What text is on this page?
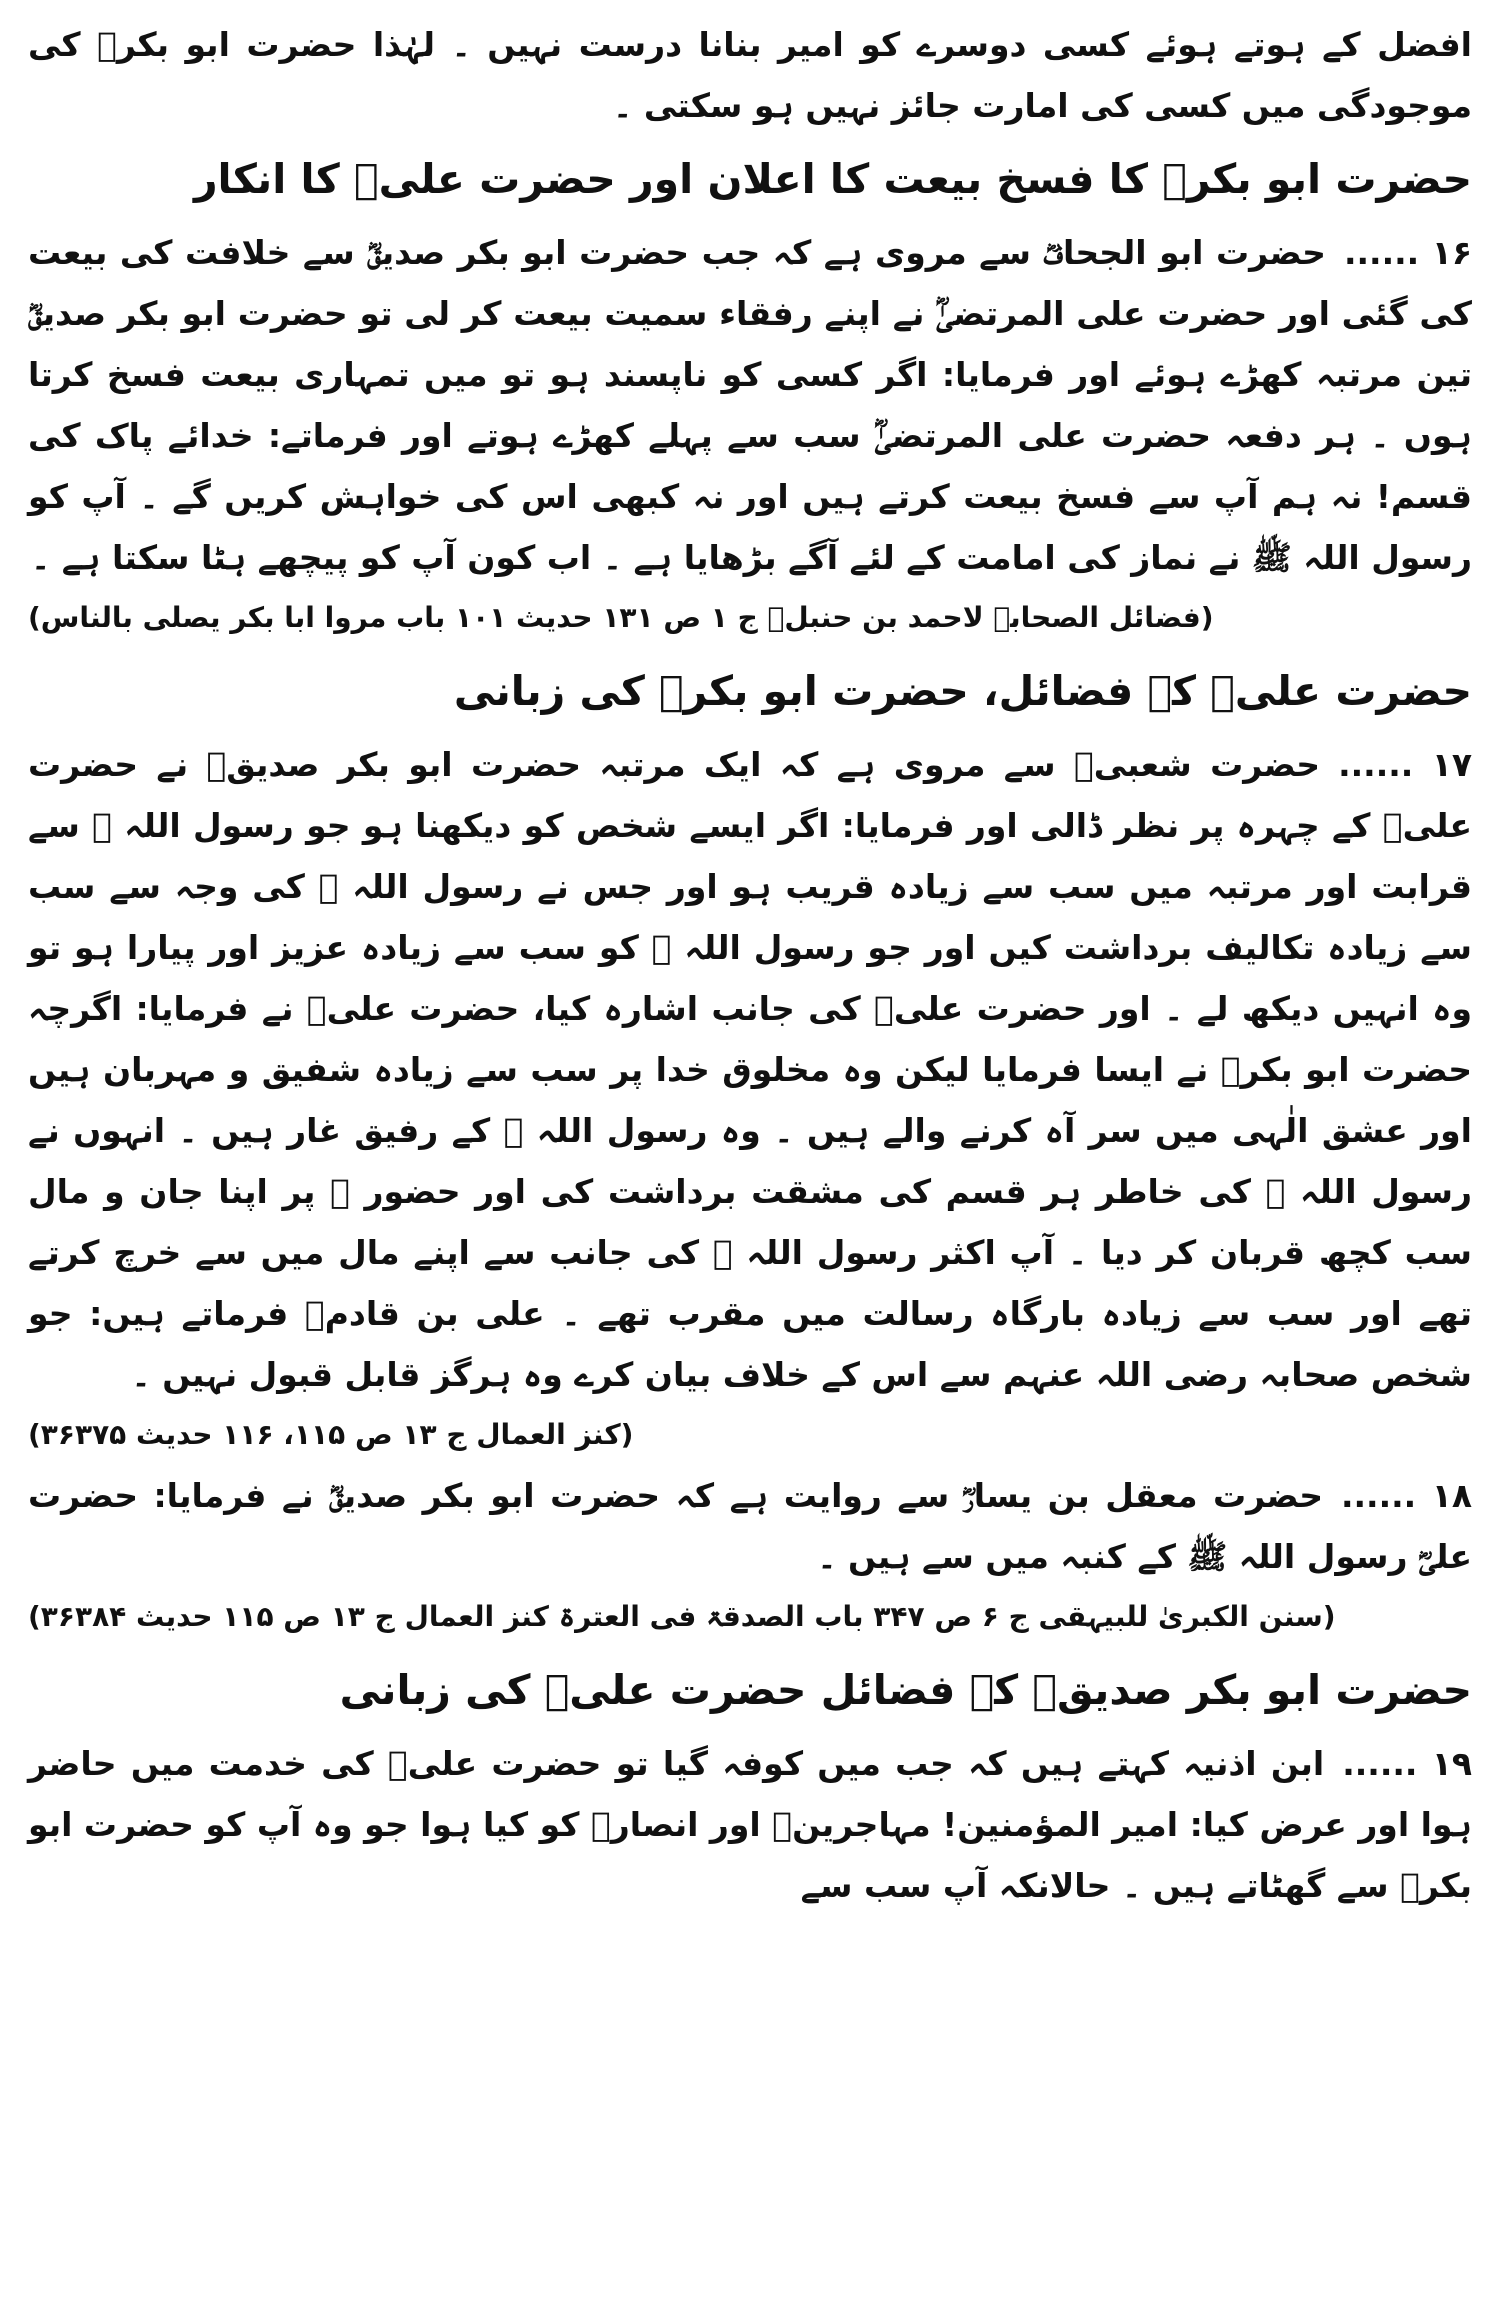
افضل کے ہوتے ہوئے کسی دوسرے کو امیر بنانا درست نہیں ۔ لہٰذا حضرت ابو بکرؓ کی موجودگی میں کسی کی امارت جائز نہیں ہو سکتی ۔

حضرت ابو بکرؓ کا فسخ بیعت کا اعلان اور حضرت علیؓ کا انکار

۱۶ ......حضرت ابو الجحافؓ سے مروی ہے کہ جب حضرت ابو بکر صدیقؓ سے خلافت کی بیعت کی گئی اور حضرت علی المرتضیٰؓ نے اپنے رفقاء سمیت بیعت کر لی تو حضرت ابو بکر صدیقؓ تین مرتبہ کھڑے ہوئے اور فرمایا: اگر کسی کو ناپسند ہو تو میں تمہاری بیعت فسخ کرتا ہوں ۔ ہر دفعہ حضرت علی المرتضیٰؓ سب سے پہلے کھڑے ہوتے اور فرماتے: خدائے پاک کی قسم! نہ ہم آپ سے فسخ بیعت کرتے ہیں اور نہ کبھی اس کی خواہش کریں گے ۔ آپ کو رسول اللہ ﷺ نے نماز کی امامت کے لئے آگے بڑھایا ہے ۔ اب کون آپ کو پیچھے ہٹا سکتا ہے ۔

(فضائل الصحابہ لاحمد بن حنبلؒ ج ۱ ص ۱۳۱ حدیث ۱۰۱ باب مروا ابا بکر یصلی بالناس)

حضرت علیؓ کے فضائل، حضرت ابو بکرؓ کی زبانی

۱۷ ......حضرت شعبیؓ سے مروی ہے کہ ایک مرتبہ حضرت ابو بکر صدیقؓ نے حضرت علیؓ کے چہرہ پر نظر ڈالی اور فرمایا: اگر ایسے شخص کو دیکھنا ہو جو رسول اللہ ﷺ سے قرابت اور مرتبہ میں سب سے زیادہ قریب ہو اور جس نے رسول اللہ ﷺ کی وجہ سے سب سے زیادہ تکالیف برداشت کیں اور جو رسول اللہ ﷺ کو سب سے زیادہ عزیز اور پیارا ہو تو وہ انہیں دیکھ لے ۔ اور حضرت علیؓ کی جانب اشارہ کیا، حضرت علیؓ نے فرمایا: اگرچہ حضرت ابو بکرؓ نے ایسا فرمایا لیکن وہ مخلوق خدا پر سب سے زیادہ شفیق و مہربان ہیں اور عشق الٰہی میں سر آہ کرنے والے ہیں ۔ وہ رسول اللہ ﷺ کے رفیق غار ہیں ۔ انہوں نے رسول اللہ ﷺ کی خاطر ہر قسم کی مشقت برداشت کی اور حضور ﷺ پر اپنا جان و مال سب کچھ قربان کر دیا ۔ آپ اکثر رسول اللہ ﷺ کی جانب سے اپنے مال میں سے خرچ کرتے تھے اور سب سے زیادہ بارگاہ رسالت میں مقرب تھے ۔ علی بن قادمؒ فرماتے ہیں: جو شخص صحابہ رضی اللہ عنہم سے اس کے خلاف بیان کرے وہ ہرگز قابل قبول نہیں ۔

(کنز العمال ج ۱۳ ص ۱۱۵، ۱۱۶ حدیث ۳۶۳۷۵)

۱۸ ......حضرت معقل بن یسارؓ سے روایت ہے کہ حضرت ابو بکر صدیقؓ نے فرمایا: حضرت علیؓ رسول اللہ ﷺ کے کنبہ میں سے ہیں ۔

(سنن الکبریٰ للبیہقی ج ۶ ص ۳۴۷ باب الصدقۃ فی العترۃ کنز العمال ج ۱۳ ص ۱۱۵ حدیث ۳۶۳۸۴)

حضرت ابو بکر صدیقؓ کے فضائل حضرت علیؓ کی زبانی

۱۹ ......ابن اذنیہ کہتے ہیں کہ جب میں کوفہ گیا تو حضرت علیؓ کی خدمت میں حاضر ہوا اور عرض کیا: امیر المؤمنین! مہاجرینؓ اور انصارؓ کو کیا ہوا جو وہ آپ کو حضرت ابو بکرؓ سے گھٹاتے ہیں ۔ حالانکہ آپ سب سے
